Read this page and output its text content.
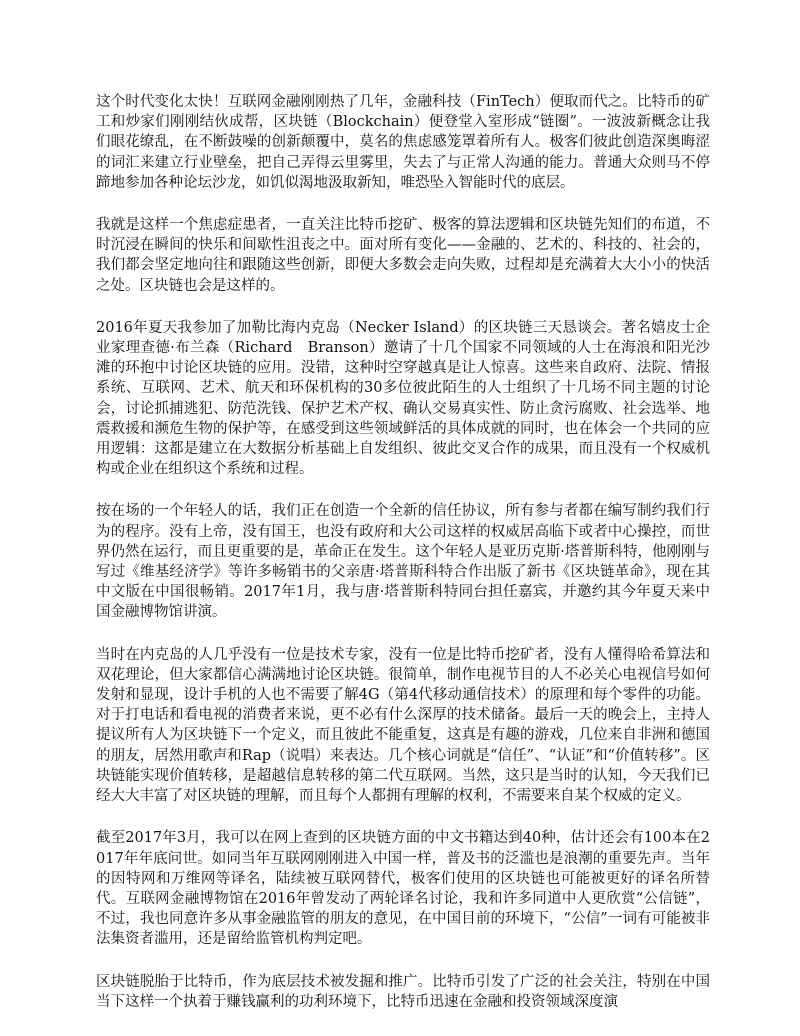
这个时代变化太快！互联网金融刚刚热了几年，金融科技（FinTech）便取而代之。比特币的矿工和炒家们刚刚结伙成帮，区块链（Blockchain）便登堂入室形成“链圈”。一波波新概念让我们眼花缭乱，在不断鼓噪的创新颠覆中，莫名的焦虑感笼罩着所有人。极客们彼此创造深奥晦涩的词汇来建立行业壁垒，把自己弄得云里雾里，失去了与正常人沟通的能力。普通大众则马不停蹄地参加各种论坛沙龙，如饥似渴地汲取新知，唯恐坠入智能时代的底层。

我就是这样一个焦虑症患者，一直关注比特币挖矿、极客的算法逻辑和区块链先知们的布道，不时沉浸在瞬间的快乐和间歇性沮丧之中。面对所有变化——金融的、艺术的、科技的、社会的，我们都会坚定地向往和跟随这些创新，即便大多数会走向失败，过程却是充满着大大小小的快活之处。区块链也会是这样的。

2016年夏天我参加了加勒比海内克岛（Necker Island）的区块链三天恳谈会。著名嬉皮士企业家理查德·布兰森（Richard　Branson）邀请了十几个国家不同领域的人士在海浪和阳光沙滩的环抱中讨论区块链的应用。没错，这种时空穿越真是让人惊喜。这些来自政府、法院、情报系统、互联网、艺术、航天和环保机构的30多位彼此陌生的人士组织了十几场不同主题的讨论会，讨论抓捕逃犯、防范洗钱、保护艺术产权、确认交易真实性、防止贪污腐败、社会选举、地震救援和濒危生物的保护等，在感受到这些领域鲜活的具体成就的同时，也在体会一个共同的应用逻辑：这都是建立在大数据分析基础上自发组织、彼此交叉合作的成果，而且没有一个权威机构或企业在组织这个系统和过程。

按在场的一个年轻人的话，我们正在创造一个全新的信任协议，所有参与者都在编写制约我们行为的程序。没有上帝，没有国王，也没有政府和大公司这样的权威居高临下或者中心操控，而世界仍然在运行，而且更重要的是，革命正在发生。这个年轻人是亚历克斯·塔普斯科特，他刚刚与写过《维基经济学》等许多畅销书的父亲唐·塔普斯科特合作出版了新书《区块链革命》，现在其中文版在中国很畅销。2017年1月，我与唐·塔普斯科特同台担任嘉宾，并邀约其今年夏天来中国金融博物馆讲演。

当时在内克岛的人几乎没有一位是技术专家，没有一位是比特币挖矿者，没有人懂得哈希算法和双花理论，但大家都信心满满地讨论区块链。很简单，制作电视节目的人不必关心电视信号如何发射和显现，设计手机的人也不需要了解4G（第4代移动通信技术）的原理和每个零件的功能。对于打电话和看电视的消费者来说，更不必有什么深厚的技术储备。最后一天的晚会上，主持人提议所有人为区块链下一个定义，而且彼此不能重复，这真是有趣的游戏，几位来自非洲和德国的朋友，居然用歌声和Rap（说唱）来表达。几个核心词就是“信任”、“认证”和“价值转移”。区块链能实现价值转移，是超越信息转移的第二代互联网。当然，这只是当时的认知，今天我们已经大大丰富了对区块链的理解，而且每个人都拥有理解的权利，不需要来自某个权威的定义。

截至2017年3月，我可以在网上查到的区块链方面的中文书籍达到40种，估计还会有100本在2017年年底问世。如同当年互联网刚刚进入中国一样，普及书的泛滥也是浪潮的重要先声。当年的因特网和万维网等译名，陆续被互联网替代，极客们使用的区块链也可能被更好的译名所替代。互联网金融博物馆在2016年曾发动了两轮译名讨论，我和许多同道中人更欣赏“公信链”，不过，我也同意许多从事金融监管的朋友的意见，在中国目前的环境下，“公信”一词有可能被非法集资者滥用，还是留给监管机构判定吧。

区块链脱胎于比特币，作为底层技术被发掘和推广。比特币引发了广泛的社会关注，特别在中国当下这样一个执着于赚钱赢利的功利环境下，比特币迅速在金融和投资领域深度演
